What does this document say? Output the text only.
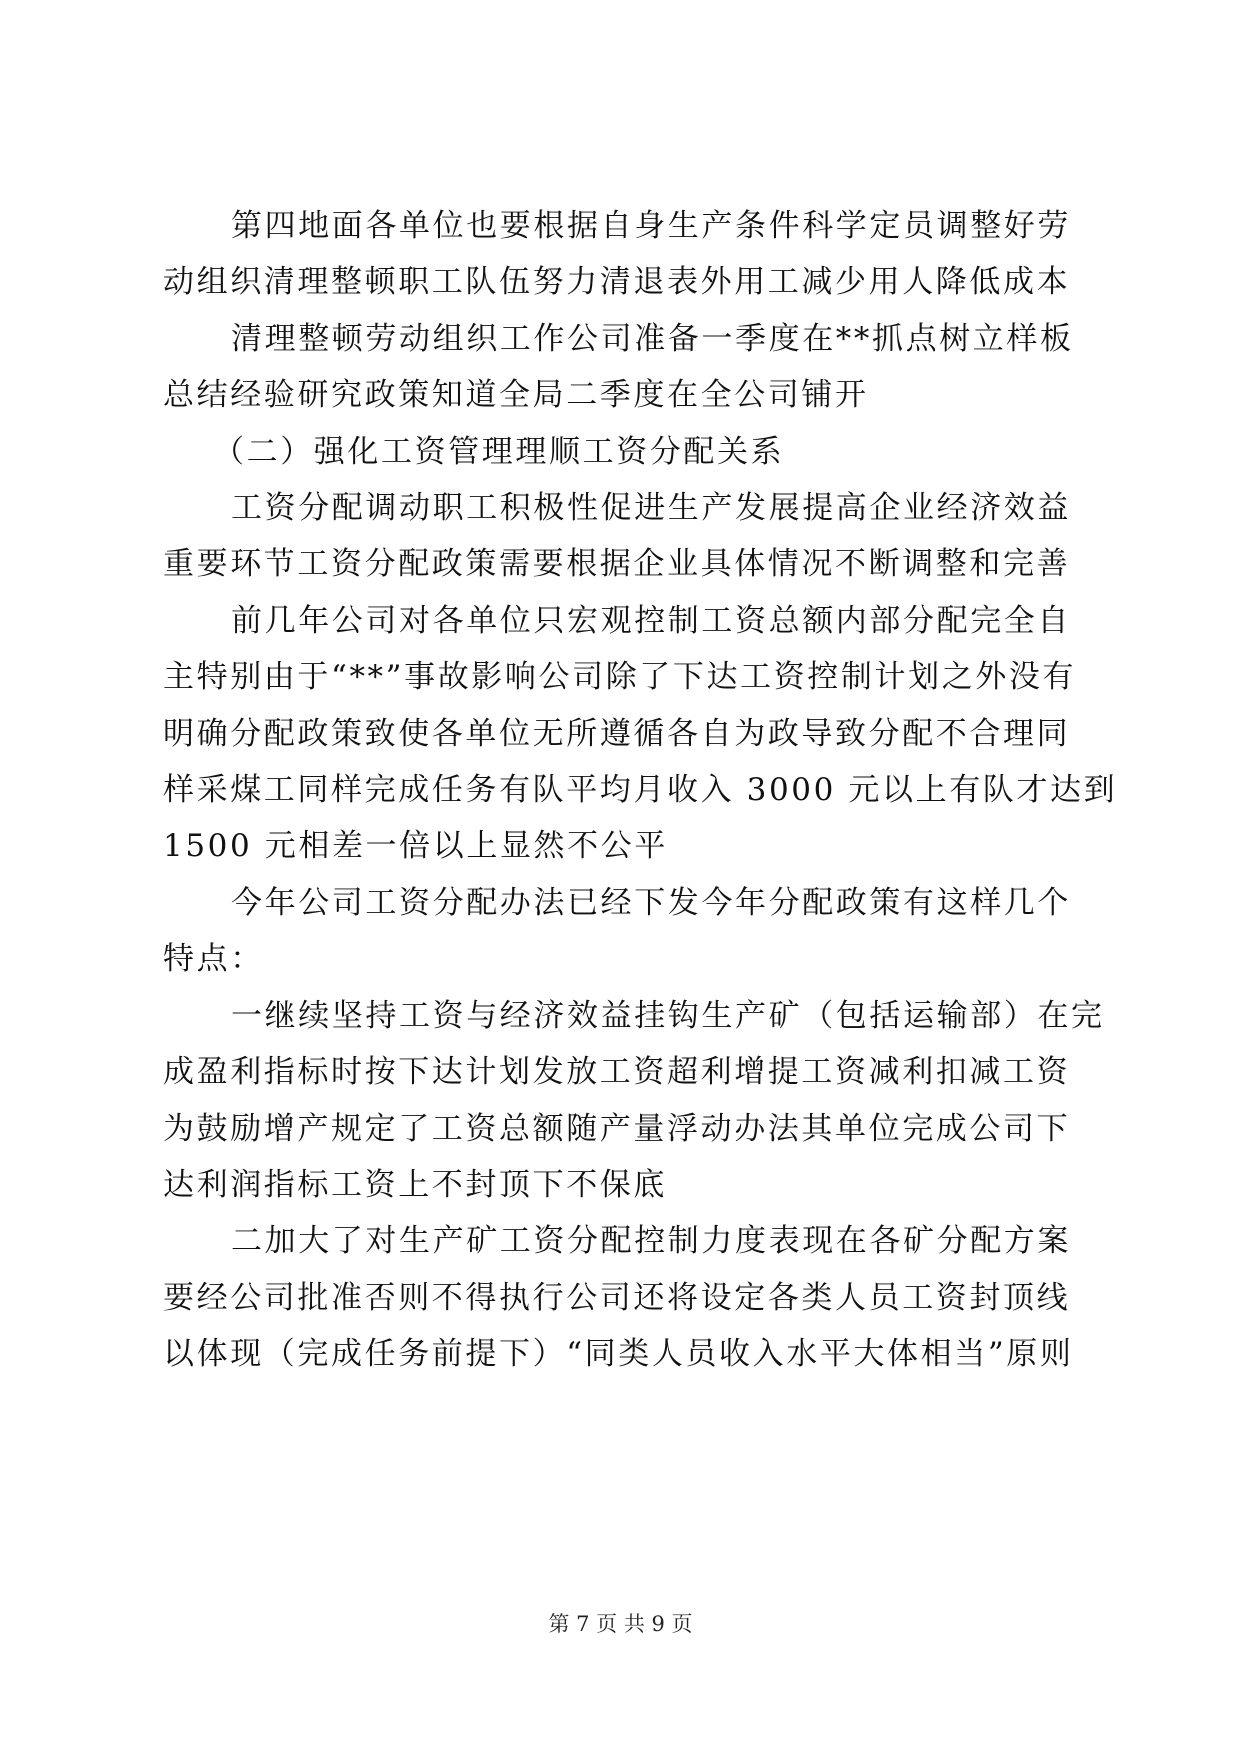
第四地面各单位也要根据自身生产条件科学定员调整好劳
动组织清理整顿职工队伍努力清退表外用工减少用人降低成本
清理整顿劳动组织工作公司准备一季度在**抓点树立样板
总结经验研究政策知道全局二季度在全公司铺开
（二）强化工资管理理顺工资分配关系
工资分配调动职工积极性促进生产发展提高企业经济效益
重要环节工资分配政策需要根据企业具体情况不断调整和完善
前几年公司对各单位只宏观控制工资总额内部分配完全自
主特别由于“**”事故影响公司除了下达工资控制计划之外没有
明确分配政策致使各单位无所遵循各自为政导致分配不合理同
样采煤工同样完成任务有队平均月收入 3000 元以上有队才达到
1500 元相差一倍以上显然不公平
今年公司工资分配办法已经下发今年分配政策有这样几个
特点：
一继续坚持工资与经济效益挂钩生产矿（包括运输部）在完
成盈利指标时按下达计划发放工资超利增提工资减利扣减工资
为鼓励增产规定了工资总额随产量浮动办法其单位完成公司下
达利润指标工资上不封顶下不保底
二加大了对生产矿工资分配控制力度表现在各矿分配方案
要经公司批准否则不得执行公司还将设定各类人员工资封顶线
以体现（完成任务前提下）“同类人员收入水平大体相当”原则
第 7 页 共 9 页
